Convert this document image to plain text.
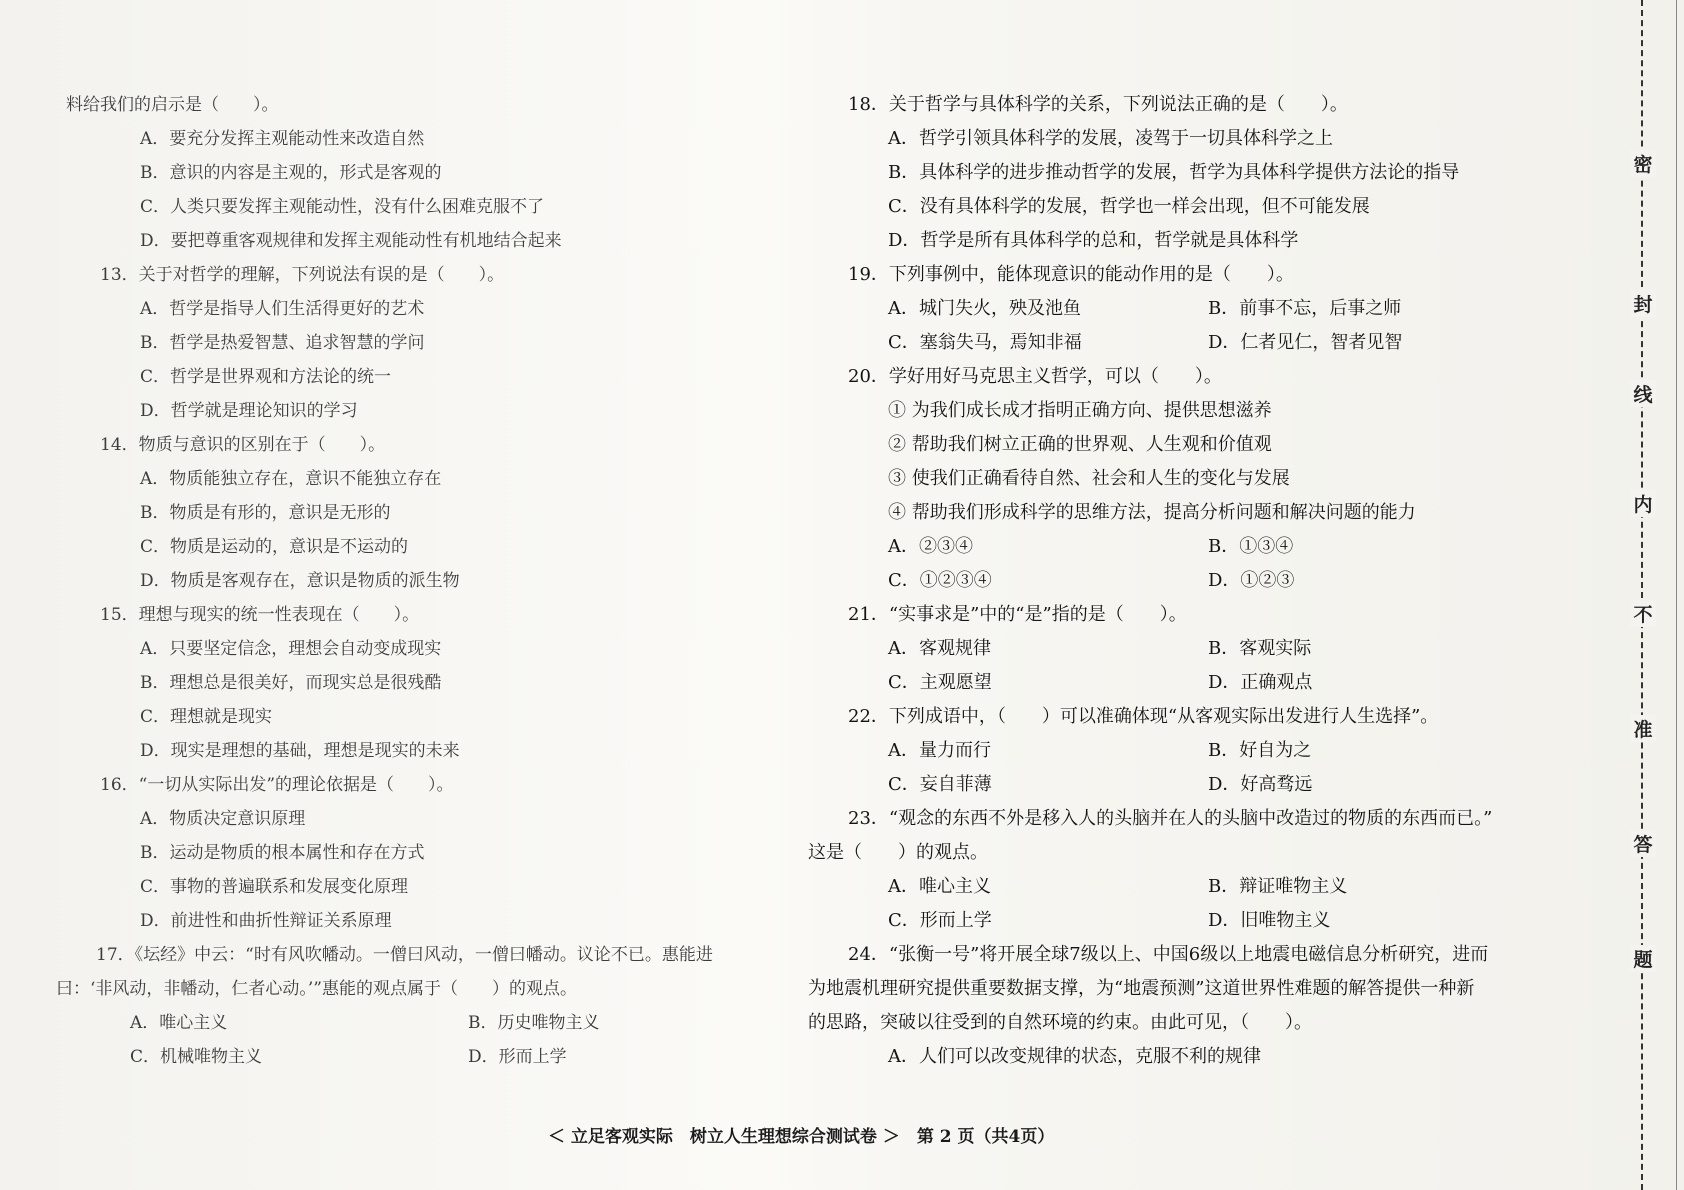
料给我们的启示是（　　）。
A．要充分发挥主观能动性来改造自然
B．意识的内容是主观的，形式是客观的
C．人类只要发挥主观能动性，没有什么困难克服不了
D．要把尊重客观规律和发挥主观能动性有机地结合起来
13．关于对哲学的理解，下列说法有误的是（　　）。
A．哲学是指导人们生活得更好的艺术
B．哲学是热爱智慧、追求智慧的学问
C．哲学是世界观和方法论的统一
D．哲学就是理论知识的学习
14．物质与意识的区别在于（　　）。
A．物质能独立存在，意识不能独立存在
B．物质是有形的，意识是无形的
C．物质是运动的，意识是不运动的
D．物质是客观存在，意识是物质的派生物
15．理想与现实的统一性表现在（　　）。
A．只要坚定信念，理想会自动变成现实
B．理想总是很美好，而现实总是很残酷
C．理想就是现实
D．现实是理想的基础，理想是现实的未来
16．“一切从实际出发”的理论依据是（　　）。
A．物质决定意识原理
B．运动是物质的根本属性和存在方式
C．事物的普遍联系和发展变化原理
D．前进性和曲折性辩证关系原理
17．《坛经》中云：“时有风吹幡动。一僧曰风动，一僧曰幡动。议论不已。惠能进
曰：‘非风动，非幡动，仁者心动。’”惠能的观点属于（　　）的观点。
A．唯心主义	B．历史唯物主义
C．机械唯物主义	D．形而上学
18．关于哲学与具体科学的关系，下列说法正确的是（　　）。
A．哲学引领具体科学的发展，凌驾于一切具体科学之上
B．具体科学的进步推动哲学的发展，哲学为具体科学提供方法论的指导
C．没有具体科学的发展，哲学也一样会出现，但不可能发展
D．哲学是所有具体科学的总和，哲学就是具体科学
19．下列事例中，能体现意识的能动作用的是（　　）。
20．学好用好马克思主义哲学，可以（　　）。
① 为我们成长成才指明正确方向、提供思想滋养
② 帮助我们树立正确的世界观、人生观和价值观
③ 使我们正确看待自然、社会和人生的变化与发展
④ 帮助我们形成科学的思维方法，提高分析问题和解决问题的能力
21．“实事求是”中的“是”指的是（　　）。
22．下列成语中，（　　）可以准确体现“从客观实际出发进行人生选择”。
23．“观念的东西不外是移入人的头脑并在人的头脑中改造过的物质的东西而已。”
这是（　　）的观点。
24．“张衡一号”将开展全球7级以上、中国6级以上地震电磁信息分析研究，进而
为地震机理研究提供重要数据支撑，为“地震预测”这道世界性难题的解答提供一种新
的思路，突破以往受到的自然环境的约束。由此可见，（　　）。
A．人们可以改变规律的状态，克服不利的规律
A．城门失火，殃及池鱼	B．前事不忘，后事之师
C．塞翁失马，焉知非福	D．仁者见仁，智者见智
A．②③④	B．①③④
C．①②③④	D．①②③
A．客观规律	B．客观实际
C．主观愿望	D．正确观点
A．量力而行	B．好自为之
C．妄自菲薄	D．好高骛远
A．唯心主义	B．辩证唯物主义
C．形而上学	D．旧唯物主义
＜ 立足客观实际　树立人生理想综合测试卷 ＞　第 2 页（共4页）
密
封
线
内
不
准
答
题
